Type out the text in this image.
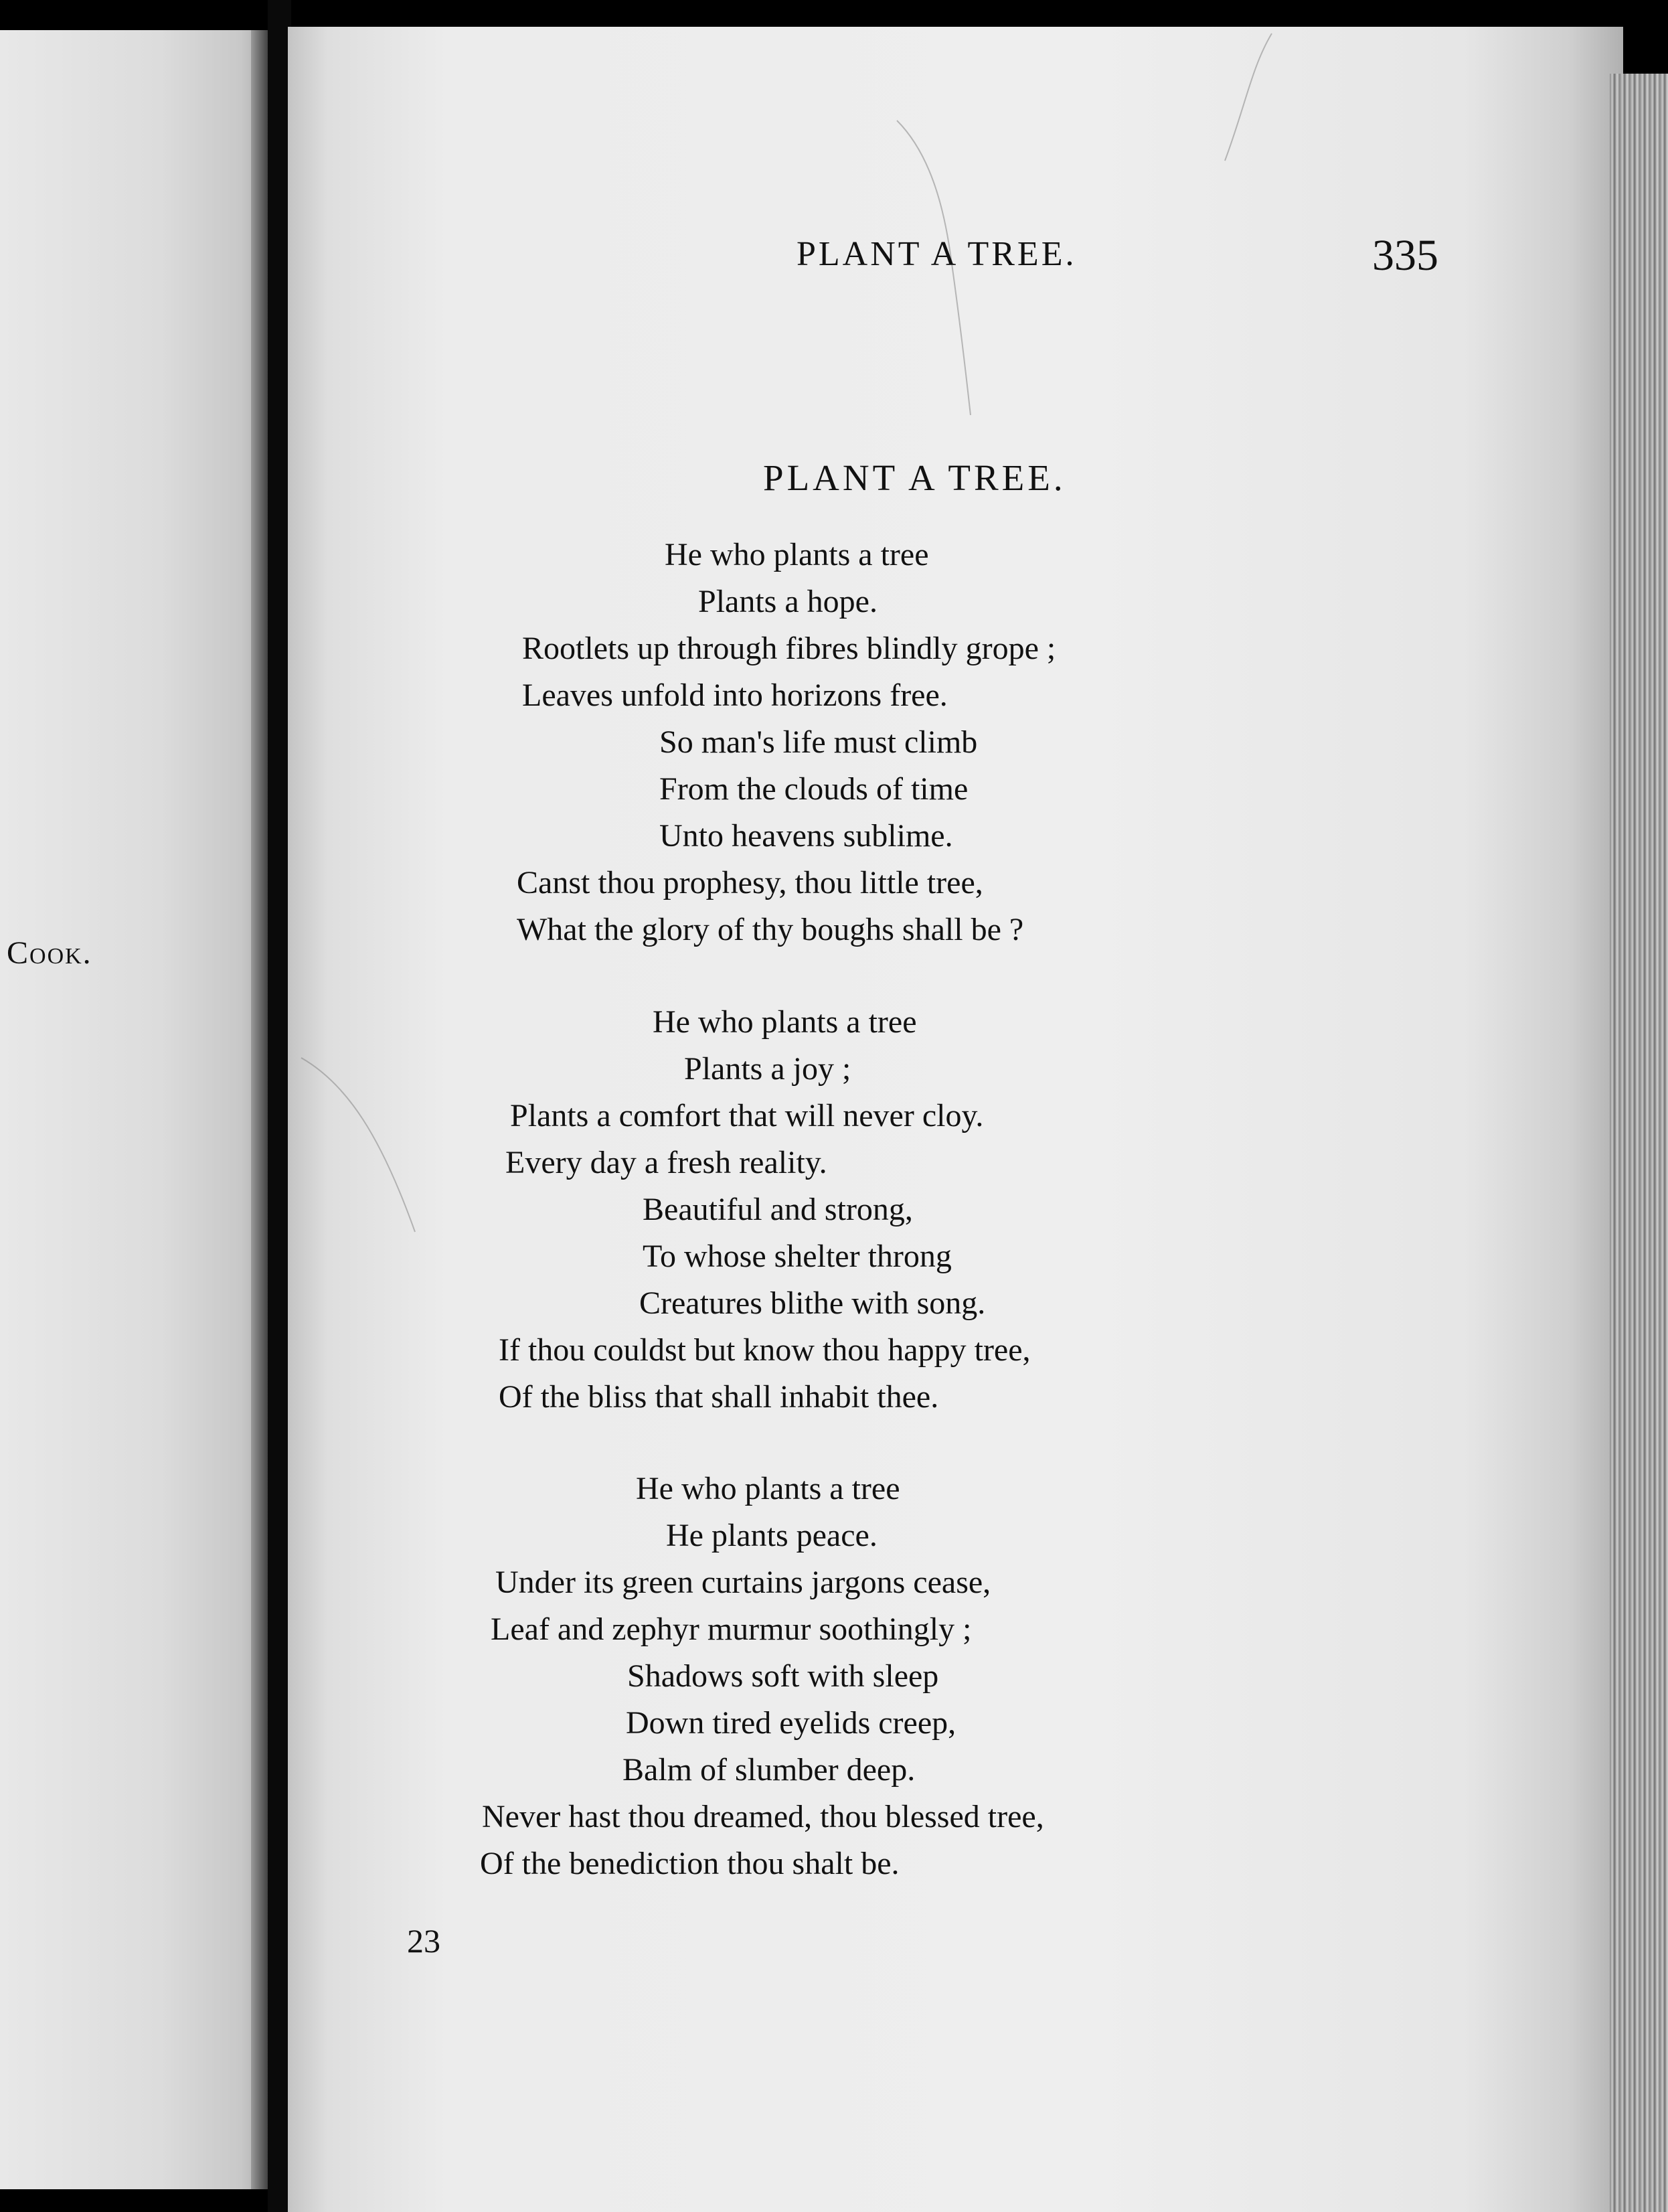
Cook.
PLANT A TREE.	335
PLANT A TREE.
He who plants a tree
Plants a hope.
Rootlets up through fibres blindly grope ;
Leaves unfold into horizons free.
So man's life must climb
From the clouds of time
Unto heavens sublime.
Canst thou prophesy, thou little tree,
What the glory of thy boughs shall be ?
He who plants a tree
Plants a joy ;
Plants a comfort that will never cloy.
Every day a fresh reality.
Beautiful and strong,
To whose shelter throng
Creatures blithe with song.
If thou couldst but know thou happy tree,
Of the bliss that shall inhabit thee.
He who plants a tree
He plants peace.
Under its green curtains jargons cease,
Leaf and zephyr murmur soothingly ;
Shadows soft with sleep
Down tired eyelids creep,
Balm of slumber deep.
Never hast thou dreamed, thou blessed tree,
Of the benediction thou shalt be.
23
